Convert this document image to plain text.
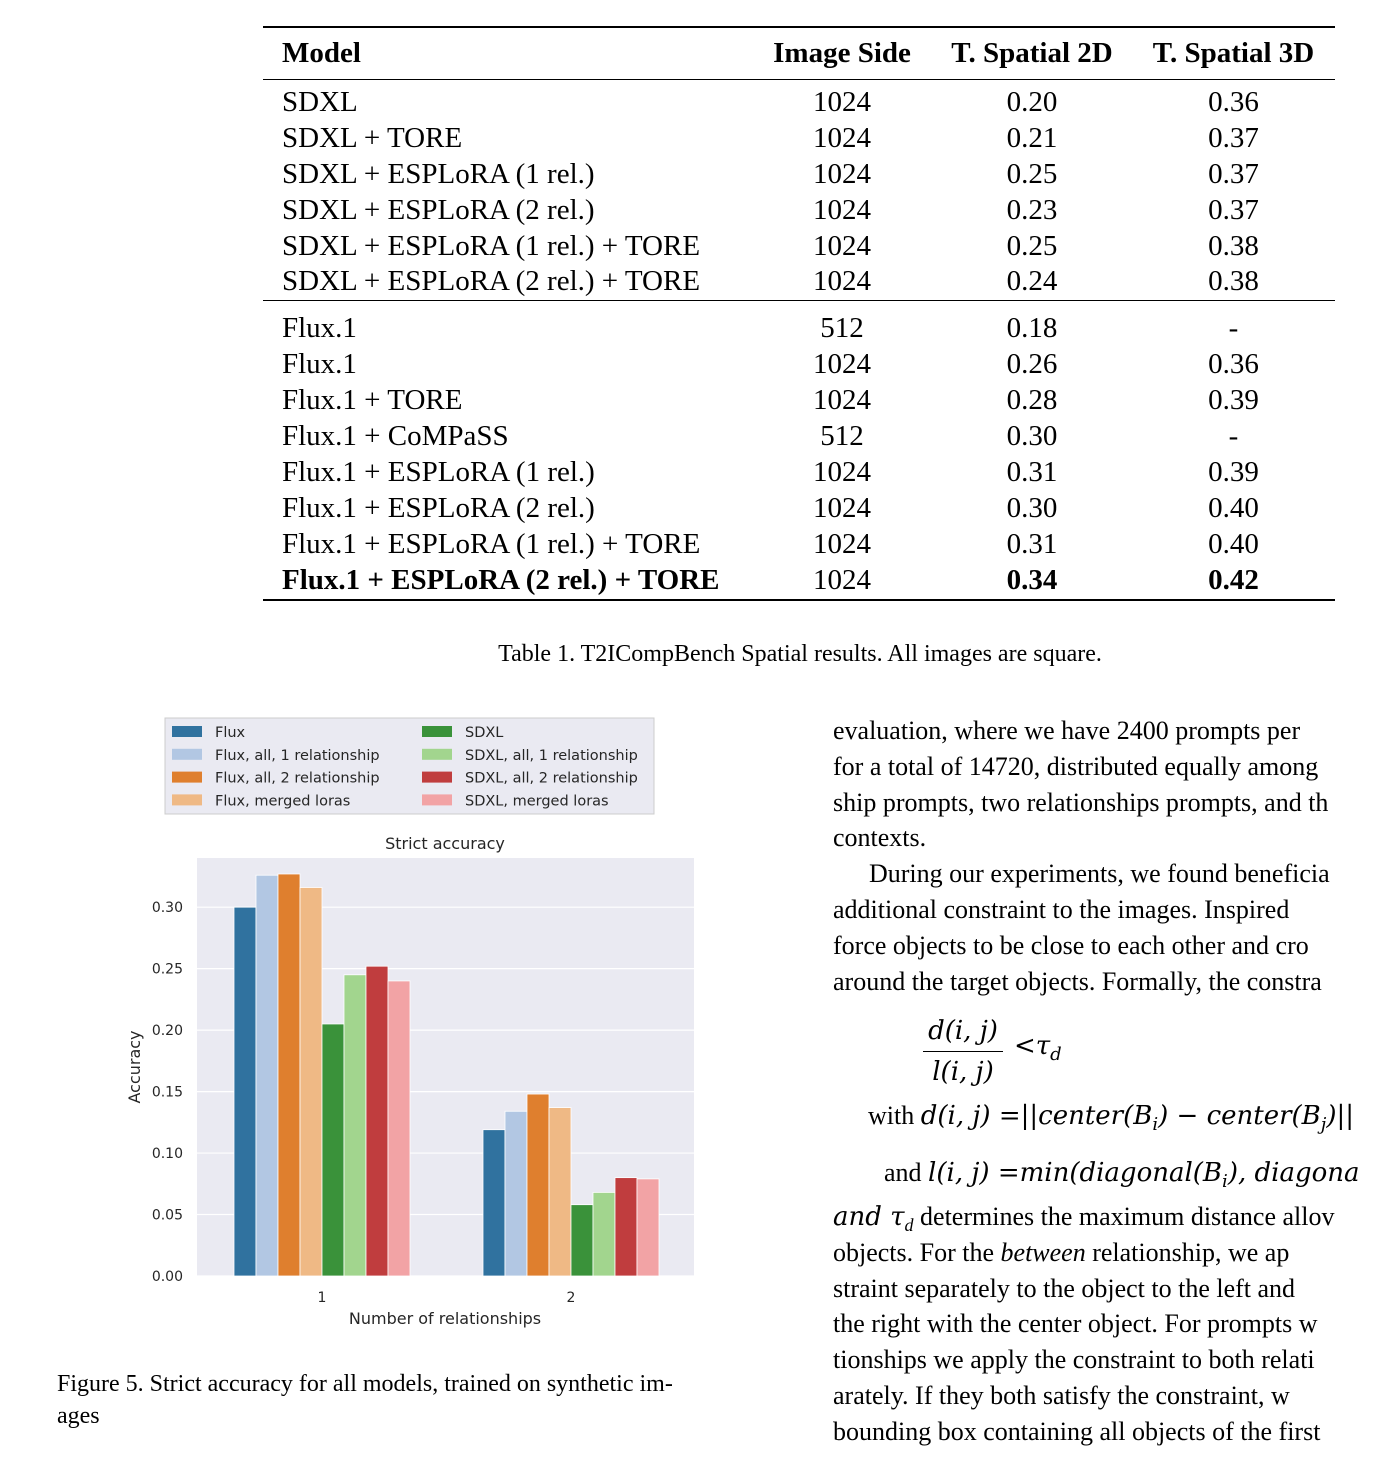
Model	Image Side	T. Spatial 2D	T. Spatial 3D
SDXL	1024	0.20	0.36
SDXL + TORE	1024	0.21	0.37
SDXL + ESPLoRA (1 rel.)	1024	0.25	0.37
SDXL + ESPLoRA (2 rel.)	1024	0.23	0.37
SDXL + ESPLoRA (1 rel.) + TORE	1024	0.25	0.38
SDXL + ESPLoRA (2 rel.) + TORE	1024	0.24	0.38
Flux.1	512	0.18	-
Flux.1	1024	0.26	0.36
Flux.1 + TORE	1024	0.28	0.39
Flux.1 + CoMPaSS	512	0.30	-
Flux.1 + ESPLoRA (1 rel.)	1024	0.31	0.39
Flux.1 + ESPLoRA (2 rel.)	1024	0.30	0.40
Flux.1 + ESPLoRA (1 rel.) + TORE	1024	0.31	0.40
Flux.1 + ESPLoRA (2 rel.) + TORE	1024	0.34	0.42
Table 1. T2ICompBench Spatial results. All images are square.
Flux
Flux, all, 1 relationship
Flux, all, 2 relationship
Flux, merged loras
SDXL
SDXL, all, 1 relationship
SDXL, all, 2 relationship
SDXL, merged loras
Strict accuracy
0.00
0.05
0.10
0.15
0.20
0.25
0.30
1	2
Number of relationships
Accuracy
Figure 5. Strict accuracy for all models, trained on synthetic im-
ages
evaluation, where we have 2400 prompts per
for a total of 14720, distributed equally among
ship prompts, two relationships prompts, and th
contexts.
During our experiments, we found beneficia
additional constraint to the images. Inspired
force objects to be close to each other and cro
around the target objects. Formally, the constra
d(i, j)
l(i, j)
$<\tau_d$
with d(i, $j) =||center(B_i)$ − $center(B_j)||$
and l(i, $j) =\min(diagonal(B_i)$, diagona
and $\tau_d$ determines the maximum distance allov
objects. For the between relationship, we ap
straint separately to the object to the left and
the right with the center object. For prompts w
tionships we apply the constraint to both relati
arately. If they both satisfy the constraint, w
bounding box containing all objects of the first
